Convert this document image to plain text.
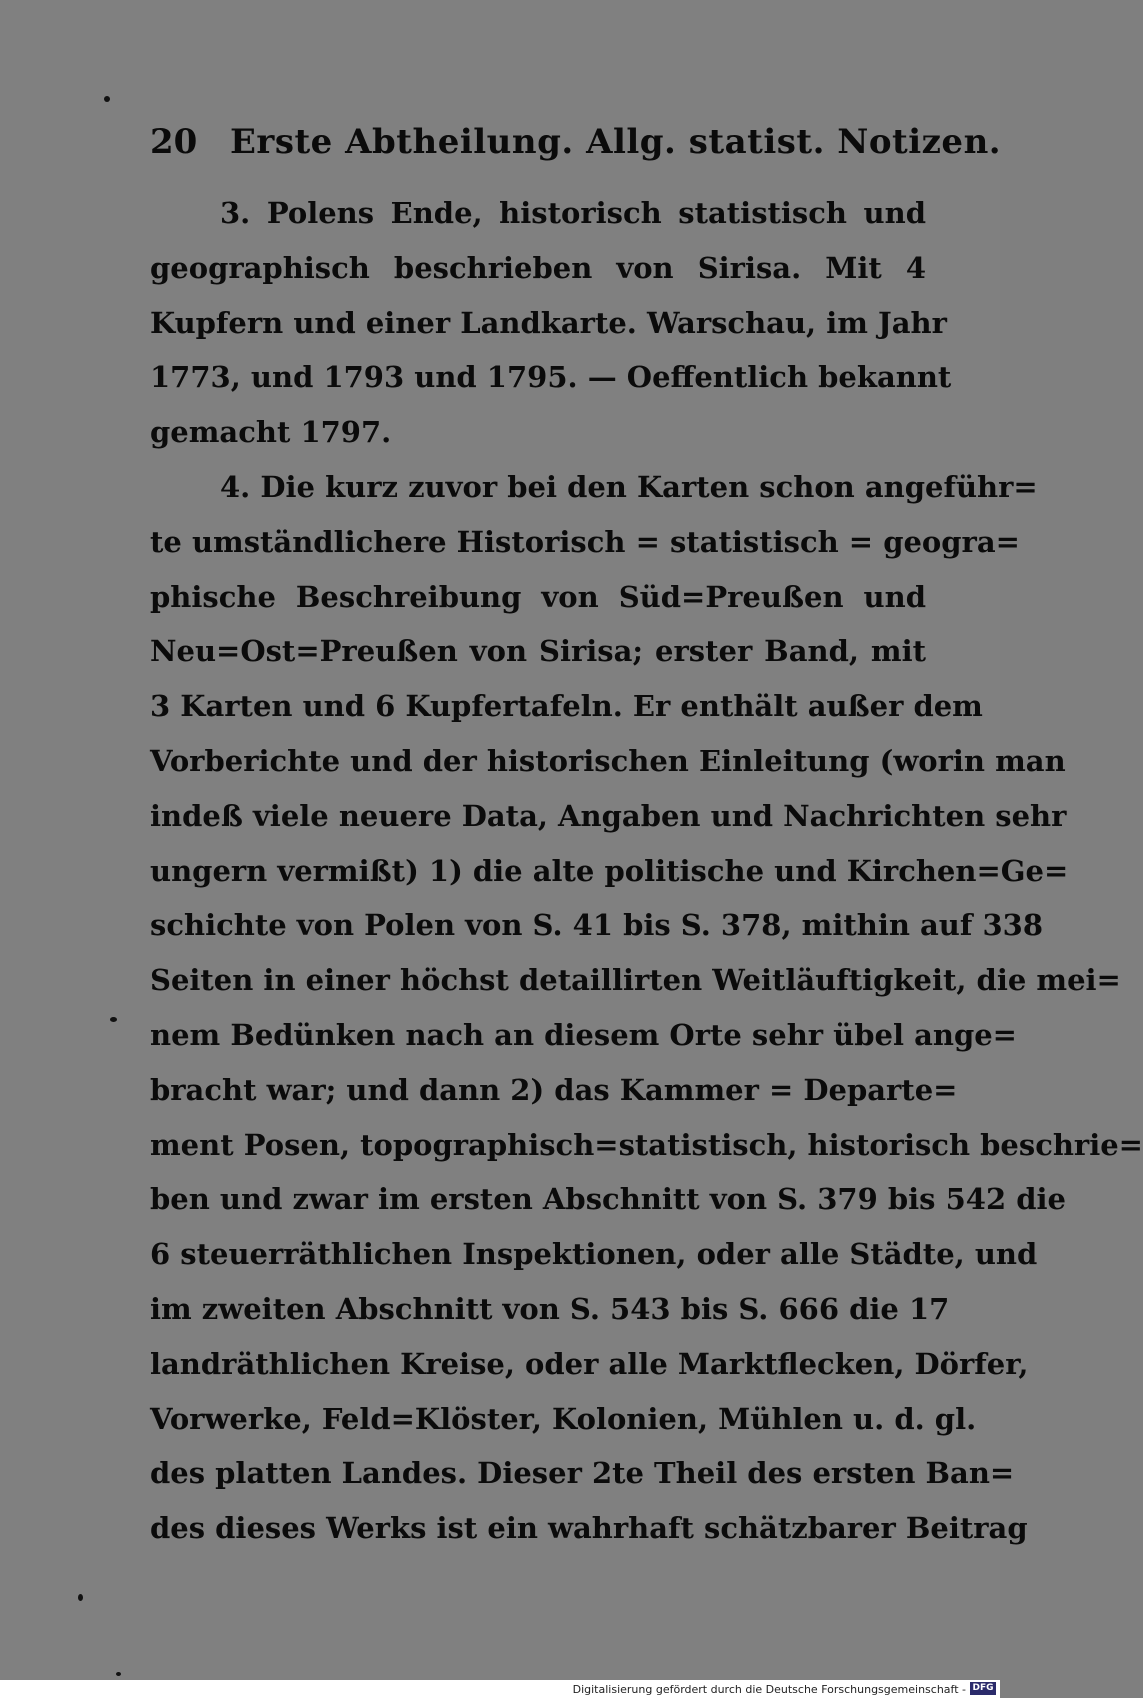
20 Erste Abtheilung. Allg. statist. Notizen.

3. Polens Ende, historisch statistisch und
geographisch beschrieben von Sirisa. Mit 4
Kupfern und einer Landkarte. Warschau, im Jahr
1773, und 1793 und 1795. — Oeffentlich bekannt
gemacht 1797.

4. Die kurz zuvor bei den Karten schon angeführ=
te umständlichere Historisch = statistisch = geogra=
phische Beschreibung von Süd=Preußen und
Neu=Ost=Preußen von Sirisa; erster Band, mit
3 Karten und 6 Kupfertafeln. Er enthält außer dem
Vorberichte und der historischen Einleitung (worin man
indeß viele neuere Data, Angaben und Nachrichten sehr
ungern vermißt) 1) die alte politische und Kirchen=Ge=
schichte von Polen von S. 41 bis S. 378, mithin auf 338
Seiten in einer höchst detaillirten Weitläuftigkeit, die mei=
nem Bedünken nach an diesem Orte sehr übel ange=
bracht war; und dann 2) das Kammer = Departe=
ment Posen, topographisch=statistisch, historisch beschrie=
ben und zwar im ersten Abschnitt von S. 379 bis 542 die
6 steuerräthlichen Inspektionen, oder alle Städte, und
im zweiten Abschnitt von S. 543 bis S. 666 die 17
landräthlichen Kreise, oder alle Marktflecken, Dörfer,
Vorwerke, Feld=Klöster, Kolonien, Mühlen u. d. gl.
des platten Landes. Dieser 2te Theil des ersten Ban=
des dieses Werks ist ein wahrhaft schätzbarer Beitrag

Digitalisierung gefördert durch die Deutsche Forschungsgemeinschaft - DFG
